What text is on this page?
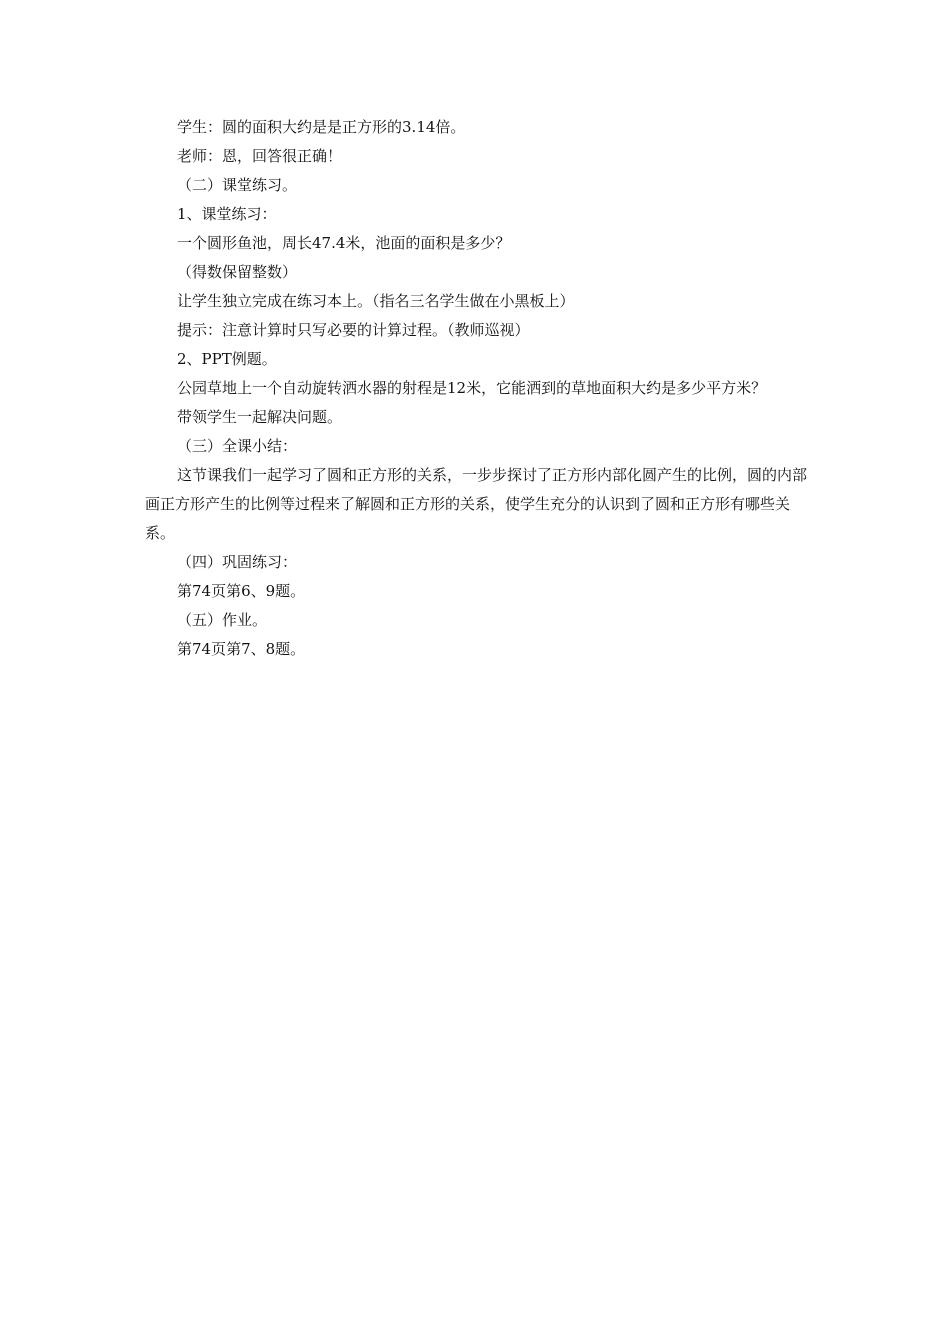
学生：圆的面积大约是是正方形的3.14倍。

老师：恩，回答很正确！

（二）课堂练习。

1、课堂练习：

一个圆形鱼池，周长47.4米，池面的面积是多少？

（得数保留整数）

让学生独立完成在练习本上。（指名三名学生做在小黑板上）

提示：注意计算时只写必要的计算过程。（教师巡视）

2、PPT例题。

公园草地上一个自动旋转洒水器的射程是12米，它能洒到的草地面积大约是多少平方米？

带领学生一起解决问题。

（三）全课小结：

这节课我们一起学习了圆和正方形的关系，一步步探讨了正方形内部化圆产生的比例，圆的内部画正方形产生的比例等过程来了解圆和正方形的关系，使学生充分的认识到了圆和正方形有哪些关系。

（四）巩固练习：

第74页第6、9题。

（五）作业。

第74页第7、8题。
